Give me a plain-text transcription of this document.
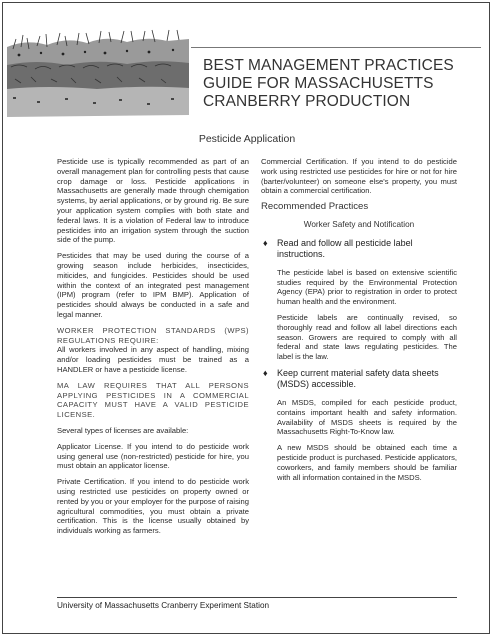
BEST MANAGEMENT PRACTICES
GUIDE FOR MASSACHUSETTS
CRANBERRY PRODUCTION
Pesticide Application

Pesticide use is typically recommended as part of an overall management plan for controlling pests that cause crop damage or loss. Pesticide applications in Massachusetts are generally made through chemigation systems, by aerial applications, or by ground rig. Be sure your application system complies with both state and federal laws. It is a violation of Federal law to introduce pesticides into an irrigation system through the suction side of the pump.

Pesticides that may be used during the course of a growing season include herbicides, insecticides, miticides, and fungicides. Pesticides should be used within the context of an integrated pest management (IPM) program (refer to IPM BMP). Application of pesticides should always be conducted in a safe and legal manner.

WORKER PROTECTION STANDARDS (WPS) REGULATIONS REQUIRE:

All workers involved in any aspect of handling, mixing and/or loading pesticides must be trained as a HANDLER or have a pesticide license.

MA LAW REQUIRES THAT ALL PERSONS APPLYING PESTICIDES IN A COMMERCIAL CAPACITY MUST HAVE A VALID PESTICIDE LICENSE.

Several types of licenses are available:

Applicator License. If you intend to do pesticide work using general use (non-restricted) pesticide for hire, you must obtain an applicator license.

Private Certification. If you intend to do pesticide work using restricted use pesticides on property owned or rented by you or your employer for the purpose of raising agricultural commodities, you must obtain a private certification. This is the license usually obtained by individuals working as farmers.

Commercial Certification. If you intend to do pesticide work using restricted use pesticides for hire or not for hire (barter/volunteer) on someone else's property, you must obtain a commercial certification.

Recommended Practices
Worker Safety and Notification
♦ Read and follow all pesticide label instructions.

The pesticide label is based on extensive scientific studies required by the Environmental Protection Agency (EPA) prior to registration in order to protect human health and the environment.

Pesticide labels are continually revised, so thoroughly read and follow all label directions each season. Growers are required to comply with all federal and state laws regulating pesticides. The label is the law.

♦ Keep current material safety data sheets (MSDS) accessible.

An MSDS, compiled for each pesticide product, contains important health and safety information. Availability of MSDS sheets is required by the Massachusetts Right-To-Know law.

A new MSDS should be obtained each time a pesticide product is purchased. Pesticide applicators, coworkers, and family members should be familiar with all information contained in the MSDS.

University of Massachusetts Cranberry Experiment Station
